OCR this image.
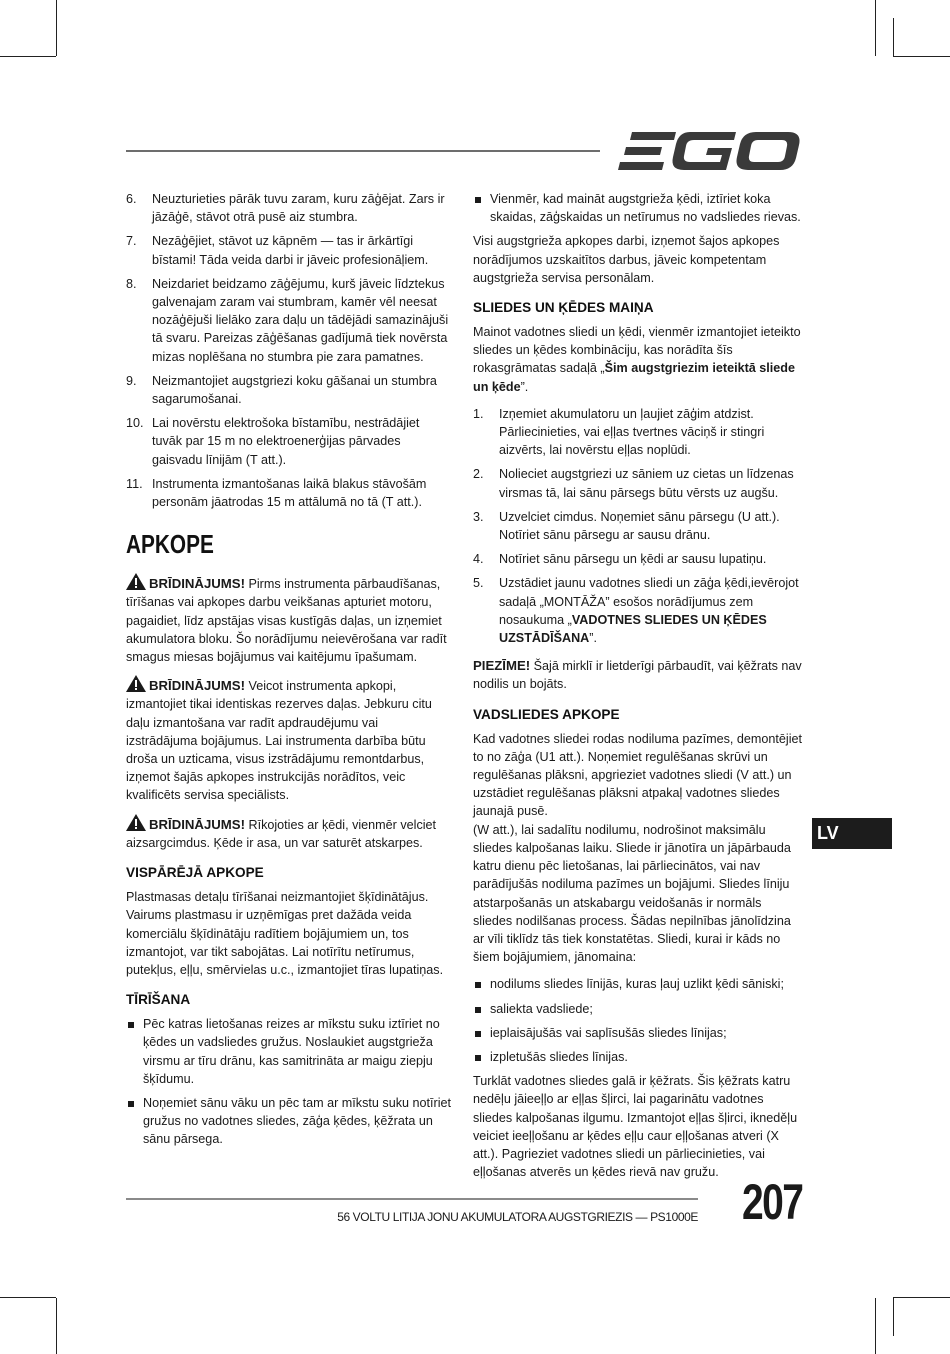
6. Neuzturieties pārāk tuvu zaram, kuru zāģējat. Zars ir jāzāģē, stāvot otrā pusē aiz stumbra.
7. Nezāģējiet, stāvot uz kāpnēm — tas ir ārkārtīgi bīstami! Tāda veida darbi ir jāveic profesionāļiem.
8. Neizdariet beidzamo zāģējumu, kurš jāveic līdztekus galvenajam zaram vai stumbram, kamēr vēl neesat nozāģējuši lielāko zara daļu un tādējādi samazinājuši tā svaru. Pareizas zāģēšanas gadījumā tiek novērsta mizas noplēšana no stumbra pie zara pamatnes.
9. Neizmantojiet augstgriezi koku gāšanai un stumbra sagarumošanai.
10. Lai novērstu elektrošoka bīstamību, nestrādājiet tuvāk par 15 m no elektroenerģijas pārvades gaisvadu līnijām (T att.).
11. Instrumenta izmantošanas laikā blakus stāvošām personām jāatrodas 15 m attālumā no tā (T att.).
APKOPE

BRĪDINĀJUMS! Pirms instrumenta pārbaudīšanas, tīrīšanas vai apkopes darbu veikšanas apturiet motoru, pagaidiet, līdz apstājas visas kustīgās daļas, un izņemiet akumulatora bloku. Šo norādījumu neievērošana var radīt smagus miesas bojājumus vai kaitējumu īpašumam.

BRĪDINĀJUMS! Veicot instrumenta apkopi, izmantojiet tikai identiskas rezerves daļas. Jebkuru citu daļu izmantošana var radīt apdraudējumu vai izstrādājuma bojājumus. Lai instrumenta darbība būtu droša un uzticama, visus izstrādājumu remontdarbus, izņemot šajās apkopes instrukcijās norādītos, veic kvalificēts servisa speciālists.

BRĪDINĀJUMS! Rīkojoties ar ķēdi, vienmēr velciet aizsargcimdus. Ķēde ir asa, un var saturēt atskarpes.

VISPĀRĒJĀ APKOPE

Plastmasas detaļu tīrīšanai neizmantojiet šķīdinātājus. Vairums plastmasu ir uzņēmīgas pret dažāda veida komerciālu šķīdinātāju radītiem bojājumiem un, tos izmantojot, var tikt sabojātas. Lai notīrītu netīrumus, putekļus, eļļu, smērvielas u.c., izmantojiet tīras lupatiņas.

TĪRĪŠANA
Pēc katras lietošanas reizes ar mīkstu suku iztīriet no ķēdes un vadsliedes gružus. Noslaukiet augstgrieža virsmu ar tīru drānu, kas samitrināta ar maigu ziepju šķīdumu.
Noņemiet sānu vāku un pēc tam ar mīkstu suku notīriet gružus no vadotnes sliedes, zāģa ķēdes, ķēžrata un sānu pārsega.
Vienmēr, kad maināt augstgrieža ķēdi, iztīriet koka skaidas, zāģskaidas un netīrumus no vadsliedes rievas.

Visi augstgrieža apkopes darbi, izņemot šajos apkopes norādījumos uzskaitītos darbus, jāveic kompetentam augstgrieža servisa personālam.

SLIEDES UN ĶĒDES MAIŅA

Mainot vadotnes sliedi un ķēdi, vienmēr izmantojiet ieteikto sliedes un ķēdes kombināciju, kas norādīta šīs rokasgrāmatas sadaļā „Šim augstgriezim ieteiktā sliede un ķēde”.

1. Izņemiet akumulatoru un ļaujiet zāģim atdzist. Pārliecinieties, vai eļļas tvertnes vāciņš ir stingri aizvērts, lai novērstu eļļas noplūdi.
2. Nolieciet augstgriezi uz sāniem uz cietas un līdzenas virsmas tā, lai sānu pārsegs būtu vērsts uz augšu.
3. Uzvelciet cimdus. Noņemiet sānu pārsegu (U att.). Notīriet sānu pārsegu ar sausu drānu.
4. Notīriet sānu pārsegu un ķēdi ar sausu lupatiņu.
5. Uzstādiet jaunu vadotnes sliedi un zāģa ķēdi,ievērojot sadaļā „MONTĀŽA” esošos norādījumus zem nosaukuma „VADOTNES SLIEDES UN ĶĒDES UZSTĀDĪŠANA”.

PIEZĪME! Šajā mirklī ir lietderīgi pārbaudīt, vai ķēžrats nav nodilis un bojāts.

VADSLIEDES APKOPE

Kad vadotnes sliedei rodas nodiluma pazīmes, demontējiet to no zāģa (U1 att.). Noņemiet regulēšanas skrūvi un regulēšanas plāksni, apgrieziet vadotnes sliedi (V att.) un uzstādiet regulēšanas plāksni atpakaļ vadotnes sliedes jaunajā pusē.

(W att.), lai sadalītu nodilumu, nodrošinot maksimālu sliedes kalpošanas laiku. Sliede ir jānotīra un jāpārbauda katru dienu pēc lietošanas, lai pārliecinātos, vai nav parādījušās nodiluma pazīmes un bojājumi. Sliedes līniju atstarpošanās un atskabargu veidošanās ir normāls sliedes nodilšanas process. Šādas nepilnības jānolīdzina ar vīli tiklīdz tās tiek konstatētas. Sliedi, kurai ir kāds no šiem bojājumiem, jānomaina:

nodilums sliedes līnijās, kuras ļauj uzlikt ķēdi sāniski;
saliekta vadsliede;
ieplaisājušās vai saplīsušās sliedes līnijas;
izpletušās sliedes līnijas.

Turklāt vadotnes sliedes galā ir ķēžrats. Šis ķēžrats katru nedēļu jāieeļļo ar eļļas šļirci, lai pagarinātu vadotnes sliedes kalpošanas ilgumu. Izmantojot eļļas šļirci, ikneděļu veiciet ieeļļošanu ar ķēdes eļļu caur eļļošanas atveri (X att.). Pagrieziet vadotnes sliedi un pārliecinieties, vai eļļošanas atverēs un ķēdes rievā nav gružu.

LV
56 VOLTU LITIJA JONU AKUMULATORA AUGSTGRIEZIS — PS1000E 207
